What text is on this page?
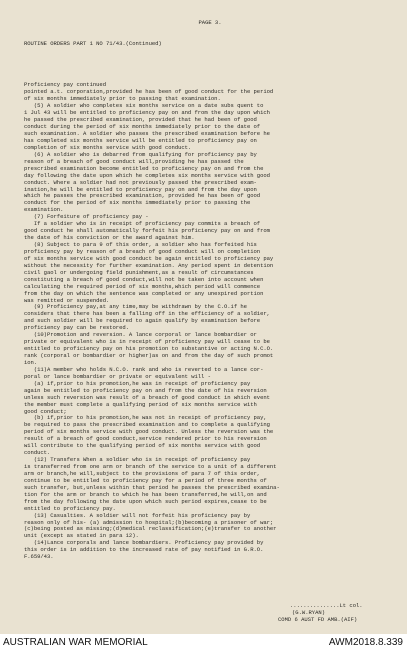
PAGE 3.

ROUTINE ORDERS PART 1 NO 71/43.(Continued)

Proficiency pay continued
pointed a.t. corporation,provided he has been of good conduct for the period
of six months immediately prior to passing that examination.
(5) A soldier who completes six months service on a date subs quent to
1 Jul 43 will be entitled to proficiency pay on and from the day upon which
he passed the prescribed examination, provided that he had been of good
conduct during the period of six months immediately prior to the date of
such examination. A soldier who passes the prescribed examination before he
has completed six months service will be entitled to proficiency pay on
completion of six months service with good conduct.
(6) A soldier who is debarred from qualifying for proficiency pay by
reason of a breach of good conduct will,providing he has passed the
prescribed examination become entitled to proficiency pay on and from the
day following the date upon which he completes six months service with good
conduct. Where a soldier had not previously passed the prescribed exam-
ination,he will be entitled to proficiency pay on and from the day upon
which he passes the prescribed examination, provided he has been of good
conduct for the period of six months immediately prior to passing the
examination.
(7) Forfeiture of proficiency pay -
If a soldier who is in receipt of proficiency pay commits a breach of
good conduct he shall automatically forfeit his proficiency pay on and from
the date of his conviction or the award against him.
(8) Subject to para 9 of this order, a soldier who has forfeited his
proficiency pay by reason of a breach of good conduct will on completion
of six months service with good conduct be again entitled to proficiency pay
without the necessity for further examination. Any period spent in detention
civil gaol or undergoing field punishment,as a result of circumstances
constituting a breach of good conduct,will not be taken into account when
calculating the required period of six months,which period will commence
from the day on which the sentence was completed or any unexpired portion
was remitted or suspended.
(9) Proficiency pay,at any time,may be withdrawn by the C.O.if he
considers that there has been a falling off in the efficiency of a soldier,
and such soldier will be required to again qualify by examination before
proficiency pay can be restored.
(10)Promotion and reversion. A lance corporal or lance bombardier or
private or equivalent who is in receipt of proficiency pay will cease to be
entitled to proficiency pay on his promotion to substantive or acting N.C.O.
rank (corporal or bombardier or higher)as on and from the day of such promot
ion.
(11)A member who holds N.C.O. rank and who is reverted to a lance cor-
poral or lance bombardier or private or equivalent will -
(a) if,prior to his promotion,he was in receipt of proficiency pay
again be entitled to proficiency pay on and from the date of his reversion
unless such reversion was result of a breach of good conduct in which event
the member must complete a qualifying period of six months service with
good conduct;
(b) if,prior to his promotion,he was not in receipt of proficiency pay,
be required to pass the prescribed examination and to complete a qualifying
period of six months service with good conduct. Unless the reversion was the
result of a breach of good conduct,service rendered prior to his reversion
will contribute to the qualifying period of six months service with good
conduct.
(12) Transfers When a soldier who is in receipt of proficiency pay
is transferred from one arm or branch of the service to a unit of a different
arm or branch,he will,subject to the provisions of para 7 of this order,
continue to be entitled to proficiency pay for a period of three months of
such transfer, but,unless within that period he passes the prescribed examina-
tion for the arm or branch to which he has been transferred,he will,on and
from the day following the date upon which such period expires,cease to be
entitled to proficiency pay.
(13) Casualties. A soldier will not forfeit his proficiency pay by
reason only of his- (a) admission to hospital;(b)becoming a prisoner of war;
(c)being posted as missing;(d)medical reclassification;(e)transfer to another
unit (except as stated in para 12).
(14)Lance corporals and lance bombardiers. Proficiency pay provided by
this order is in addition to the increased rate of pay notified in G.R.O.
F.659/43.
...............Lt col.
(G.W.RYAN)
COMD 6 AUST FD AMB.(AIF)
AUSTRALIAN WAR MEMORIAL	AWM2018.8.339
